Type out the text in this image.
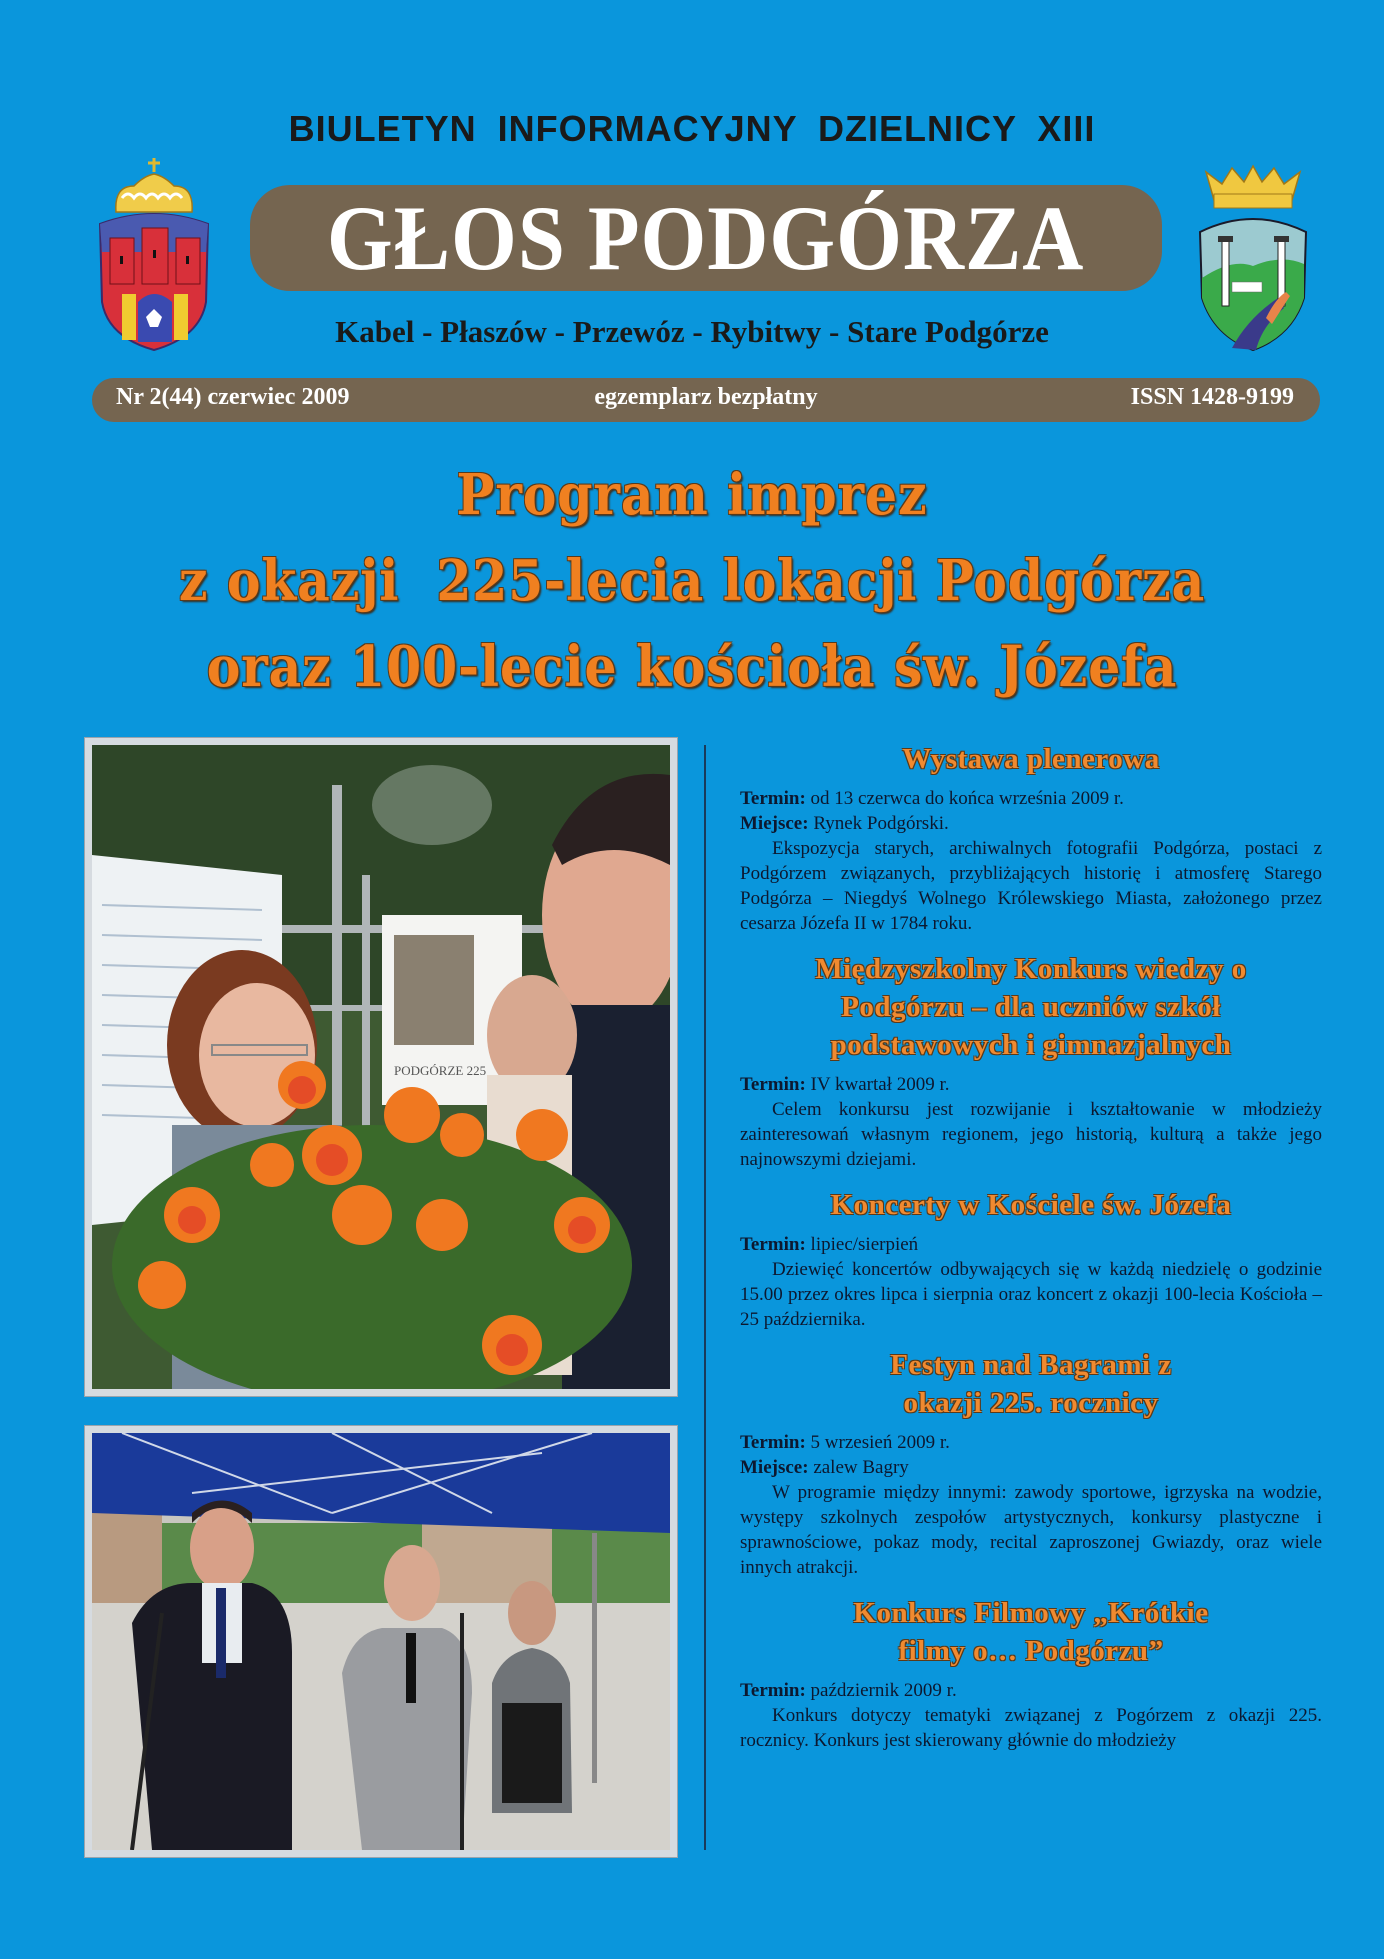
BIULETYN INFORMACYJNY DZIELNICY XIII
GŁOS PODGÓRZA
Kabel - Płaszów - Przewóz - Rybitwy - Stare Podgórze
Nr 2(44) czerwiec 2009	egzemplarz bezpłatny	ISSN 1428-9199
Program imprez
z okazji  225-lecia lokacji Podgórza
oraz 100-lecie kościoła św. Józefa
PODGÓRZE 225
Wystawa plenerowa
Termin: od 13 czerwca do końca września 2009 r.
Miejsce: Rynek Podgórski.
Ekspozycja starych, archiwalnych fotografii Podgórza, postaci z Podgórzem związanych, przybliżających historię i atmosferę Starego Podgórza – Niegdyś Wolnego Królewskiego Miasta, założonego przez cesarza Józefa II w 1784 roku.
Międzyszkolny Konkurs wiedzy o Podgórzu – dla uczniów szkół podstawowych i gimnazjalnych
Termin: IV kwartał 2009 r.
Celem konkursu jest rozwijanie i kształtowanie w młodzieży zainteresowań własnym regionem, jego historią, kulturą a także jego najnowszymi dziejami.
Koncerty w Kościele św. Józefa
Termin: lipiec/sierpień
Dziewięć koncertów odbywających się w każdą niedzielę o godzinie 15.00 przez okres lipca i sierpnia oraz koncert z okazji 100-lecia Kościoła – 25 października.
Festyn nad Bagrami z okazji 225. rocznicy
Termin: 5 wrzesień 2009 r.
Miejsce: zalew Bagry
W programie między innymi: zawody sportowe, igrzyska na wodzie, występy szkolnych zespołów artystycznych, konkursy plastyczne i sprawnościowe, pokaz mody, recital zaproszonej Gwiazdy, oraz wiele innych atrakcji.
Konkurs Filmowy „Krótkie filmy o… Podgórzu”
Termin: październik 2009 r.
Konkurs dotyczy tematyki związanej z Pogórzem z okazji 225. rocznicy. Konkurs jest skierowany głównie do młodzieży
